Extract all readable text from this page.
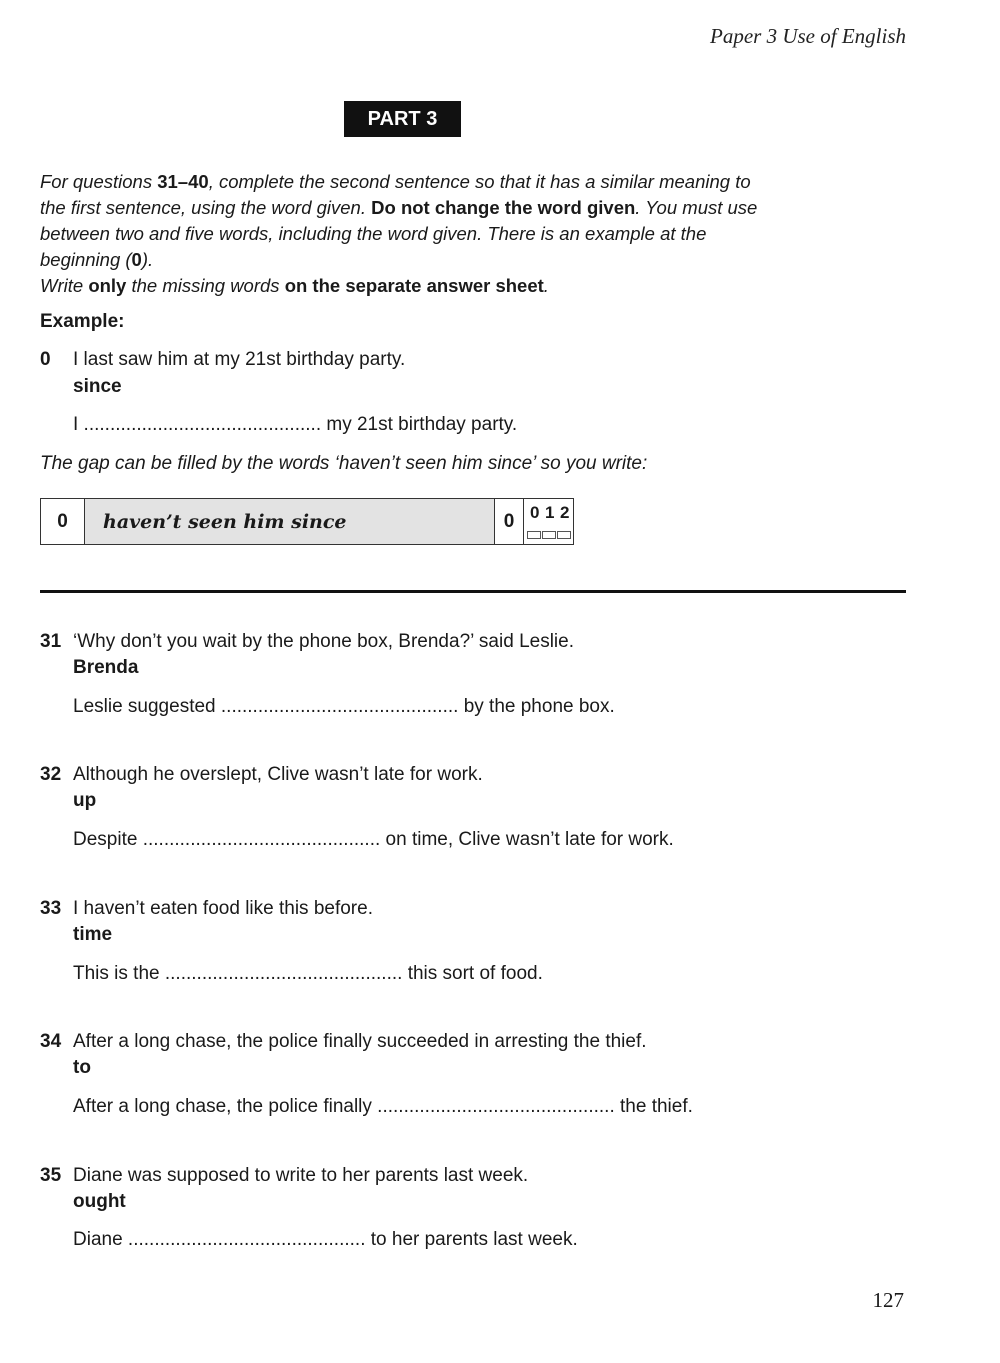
Paper 3 Use of English
PART 3
For questions 31–40, complete the second sentence so that it has a similar meaning to the first sentence, using the word given. Do not change the word given. You must use between two and five words, including the word given. There is an example at the beginning (0).
Write only the missing words on the separate answer sheet.
Example:
0 I last saw him at my 21st birthday party.
since
I ............................................. my 21st birthday party.
The gap can be filled by the words ‘haven’t seen him since’ so you write:
0	haven’t seen him since	0 0 1 2
31 ‘Why don’t you wait by the phone box, Brenda?’ said Leslie.
Brenda
Leslie suggested ............................................. by the phone box.
32 Although he overslept, Clive wasn’t late for work.
up
Despite ............................................. on time, Clive wasn’t late for work.
33 I haven’t eaten food like this before.
time
This is the ............................................. this sort of food.
34 After a long chase, the police finally succeeded in arresting the thief.
to
After a long chase, the police finally ............................................. the thief.
35 Diane was supposed to write to her parents last week.
ought
Diane ............................................. to her parents last week.
127
